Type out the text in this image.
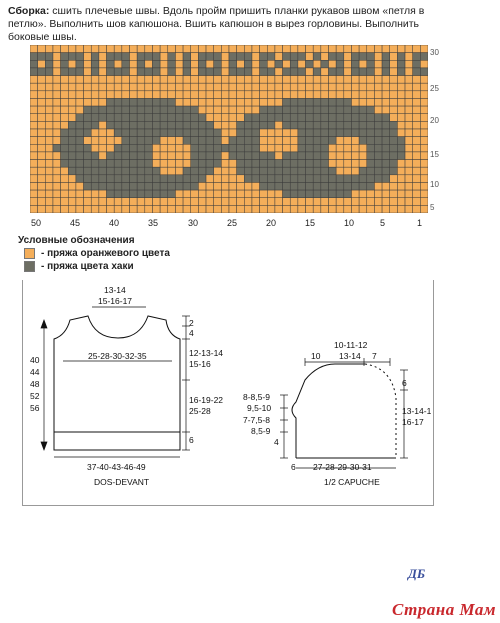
Сборка: сшить плечевые швы. Вдоль пройм пришить планки рукавов швом «петля в петлю». Выполнить шов капюшона. Вшить капюшон в вырез горловины. Выполнить боковые швы.
30
25
20
15
10
5
50	45	40	35	30	25	20	15	10	5	1
Условные обозначения
- пряжа оранжевого цвета
- пряжа цвета хаки
13-14
15-16-17
2
4
25-28-30-32-35	12-13-14
15-16
40
44
48
52
56
16-19-22
25-28
6
37-40-43-46-49
DOS-DEVANT
10-11-12
13-14
10	7
8-8,5-9
9,5-10
7-7,5-8
8,5-9
4
6
13-14-1
16-17
6 27-28-29-30-31
1/2 CAPUCHE
ДБ
Страна Мам
